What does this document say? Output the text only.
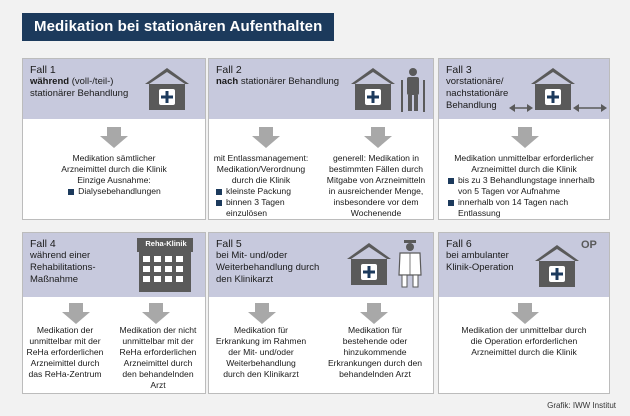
Medikation bei stationären Aufenthalten
Fall 1
während (voll-/teil-) stationärer Behandlung
Medikation sämtlicher
Arzneimittel durch die Klinik
Einzige Ausnahme:
Dialysebehandlungen
Fall 2
nach stationärer Behandlung
mit Entlassmanagement:
Medikation/Verordnung
durch die Klinik
kleinste Packung
binnen 3 Tagen einzulösen
generell: Medikation in
bestimmten Fällen durch
Mitgabe von Arzneimitteln
in ausreichender Menge,
insbesondere vor dem
Wochenende
Fall 3
vorstationäre/ nachstationäre Behandlung
Medikation unmittelbar erforderlicher
Arzneimittel durch die Klinik
bis zu 3 Behandlungstage innerhalb von 5 Tagen vor Aufnahme
innerhalb von 14 Tagen nach Entlassung
Fall 4
während einer Rehabilitations-Maßnahme
Reha-Klinik
Medikation der
unmittelbar mit der
ReHa erforderlichen
Arzneimittel durch
das ReHa-Zentrum
Medikation der nicht
unmittelbar mit der
ReHa erforderlichen
Arzneimittel durch
den behandelnden
Arzt
Fall 5
bei Mit- und/oder Weiterbehandlung durch den Klinikarzt
Medikation für
Erkrankung im Rahmen
der Mit- und/oder
Weiterbehandlung
durch den Klinikarzt
Medikation für
bestehende oder
hinzukommende
Erkrankungen durch den
behandelnden Arzt
Fall 6
bei ambulanter Klinik-Operation
OP
Medikation der unmittelbar durch
die Operation erforderlichen
Arzneimittel durch die Klinik
Grafik: IWW Institut
